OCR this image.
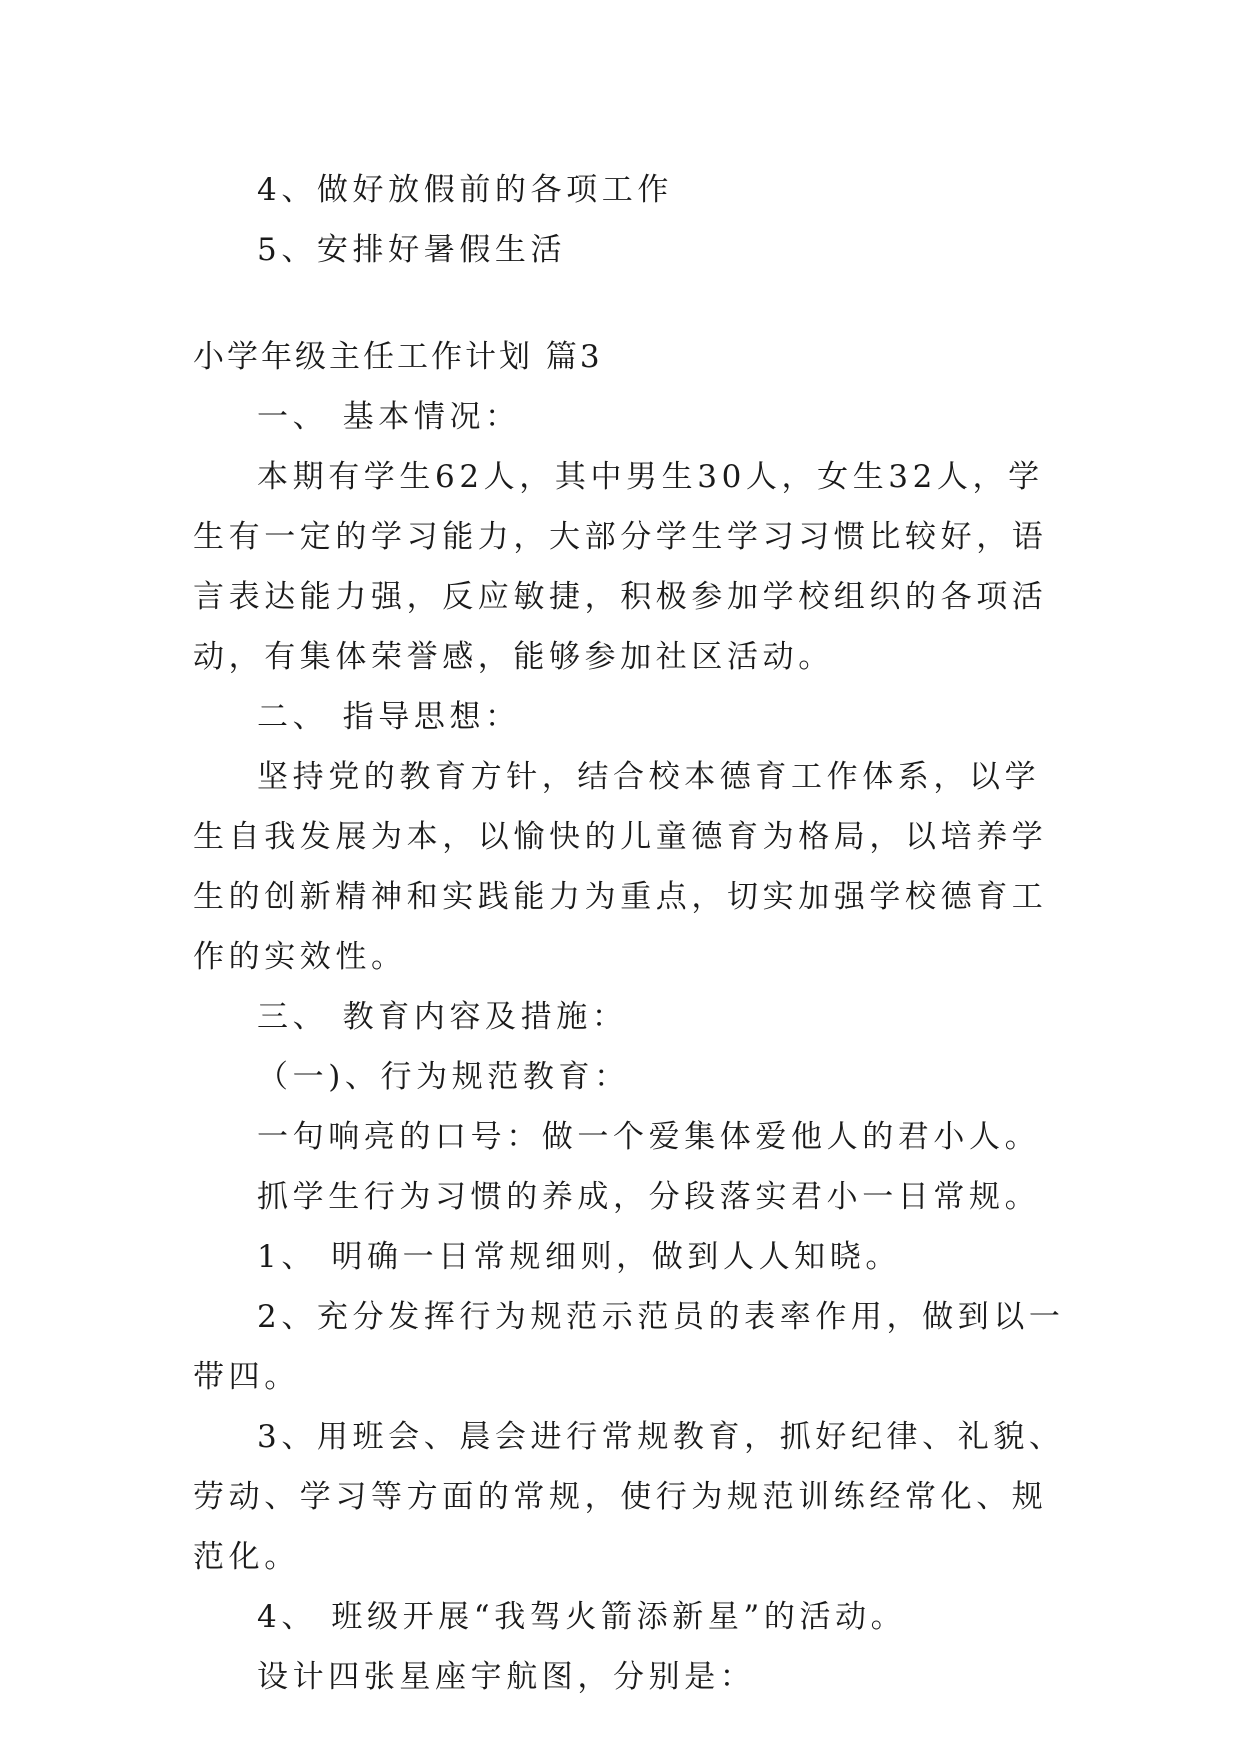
4、做好放假前的各项工作

5、安排好暑假生活

小学年级主任工作计划 篇3

一、 基本情况：

本期有学生62人，其中男生30人，女生32人，学生有一定的学习能力，大部分学生学习习惯比较好，语言表达能力强，反应敏捷，积极参加学校组织的各项活动，有集体荣誉感，能够参加社区活动。

二、 指导思想：

坚持党的教育方针，结合校本德育工作体系，以学生自我发展为本，以愉快的儿童德育为格局，以培养学生的创新精神和实践能力为重点，切实加强学校德育工作的实效性。

三、 教育内容及措施：

（一)、行为规范教育：

一句响亮的口号：做一个爱集体爱他人的君小人。

抓学生行为习惯的养成，分段落实君小一日常规。

1、 明确一日常规细则，做到人人知晓。

2、充分发挥行为规范示范员的表率作用，做到以一带四。

3、用班会、晨会进行常规教育，抓好纪律、礼貌、劳动、学习等方面的常规，使行为规范训练经常化、规范化。

4、 班级开展“我驾火箭添新星”的活动。

设计四张星座宇航图，分别是：
